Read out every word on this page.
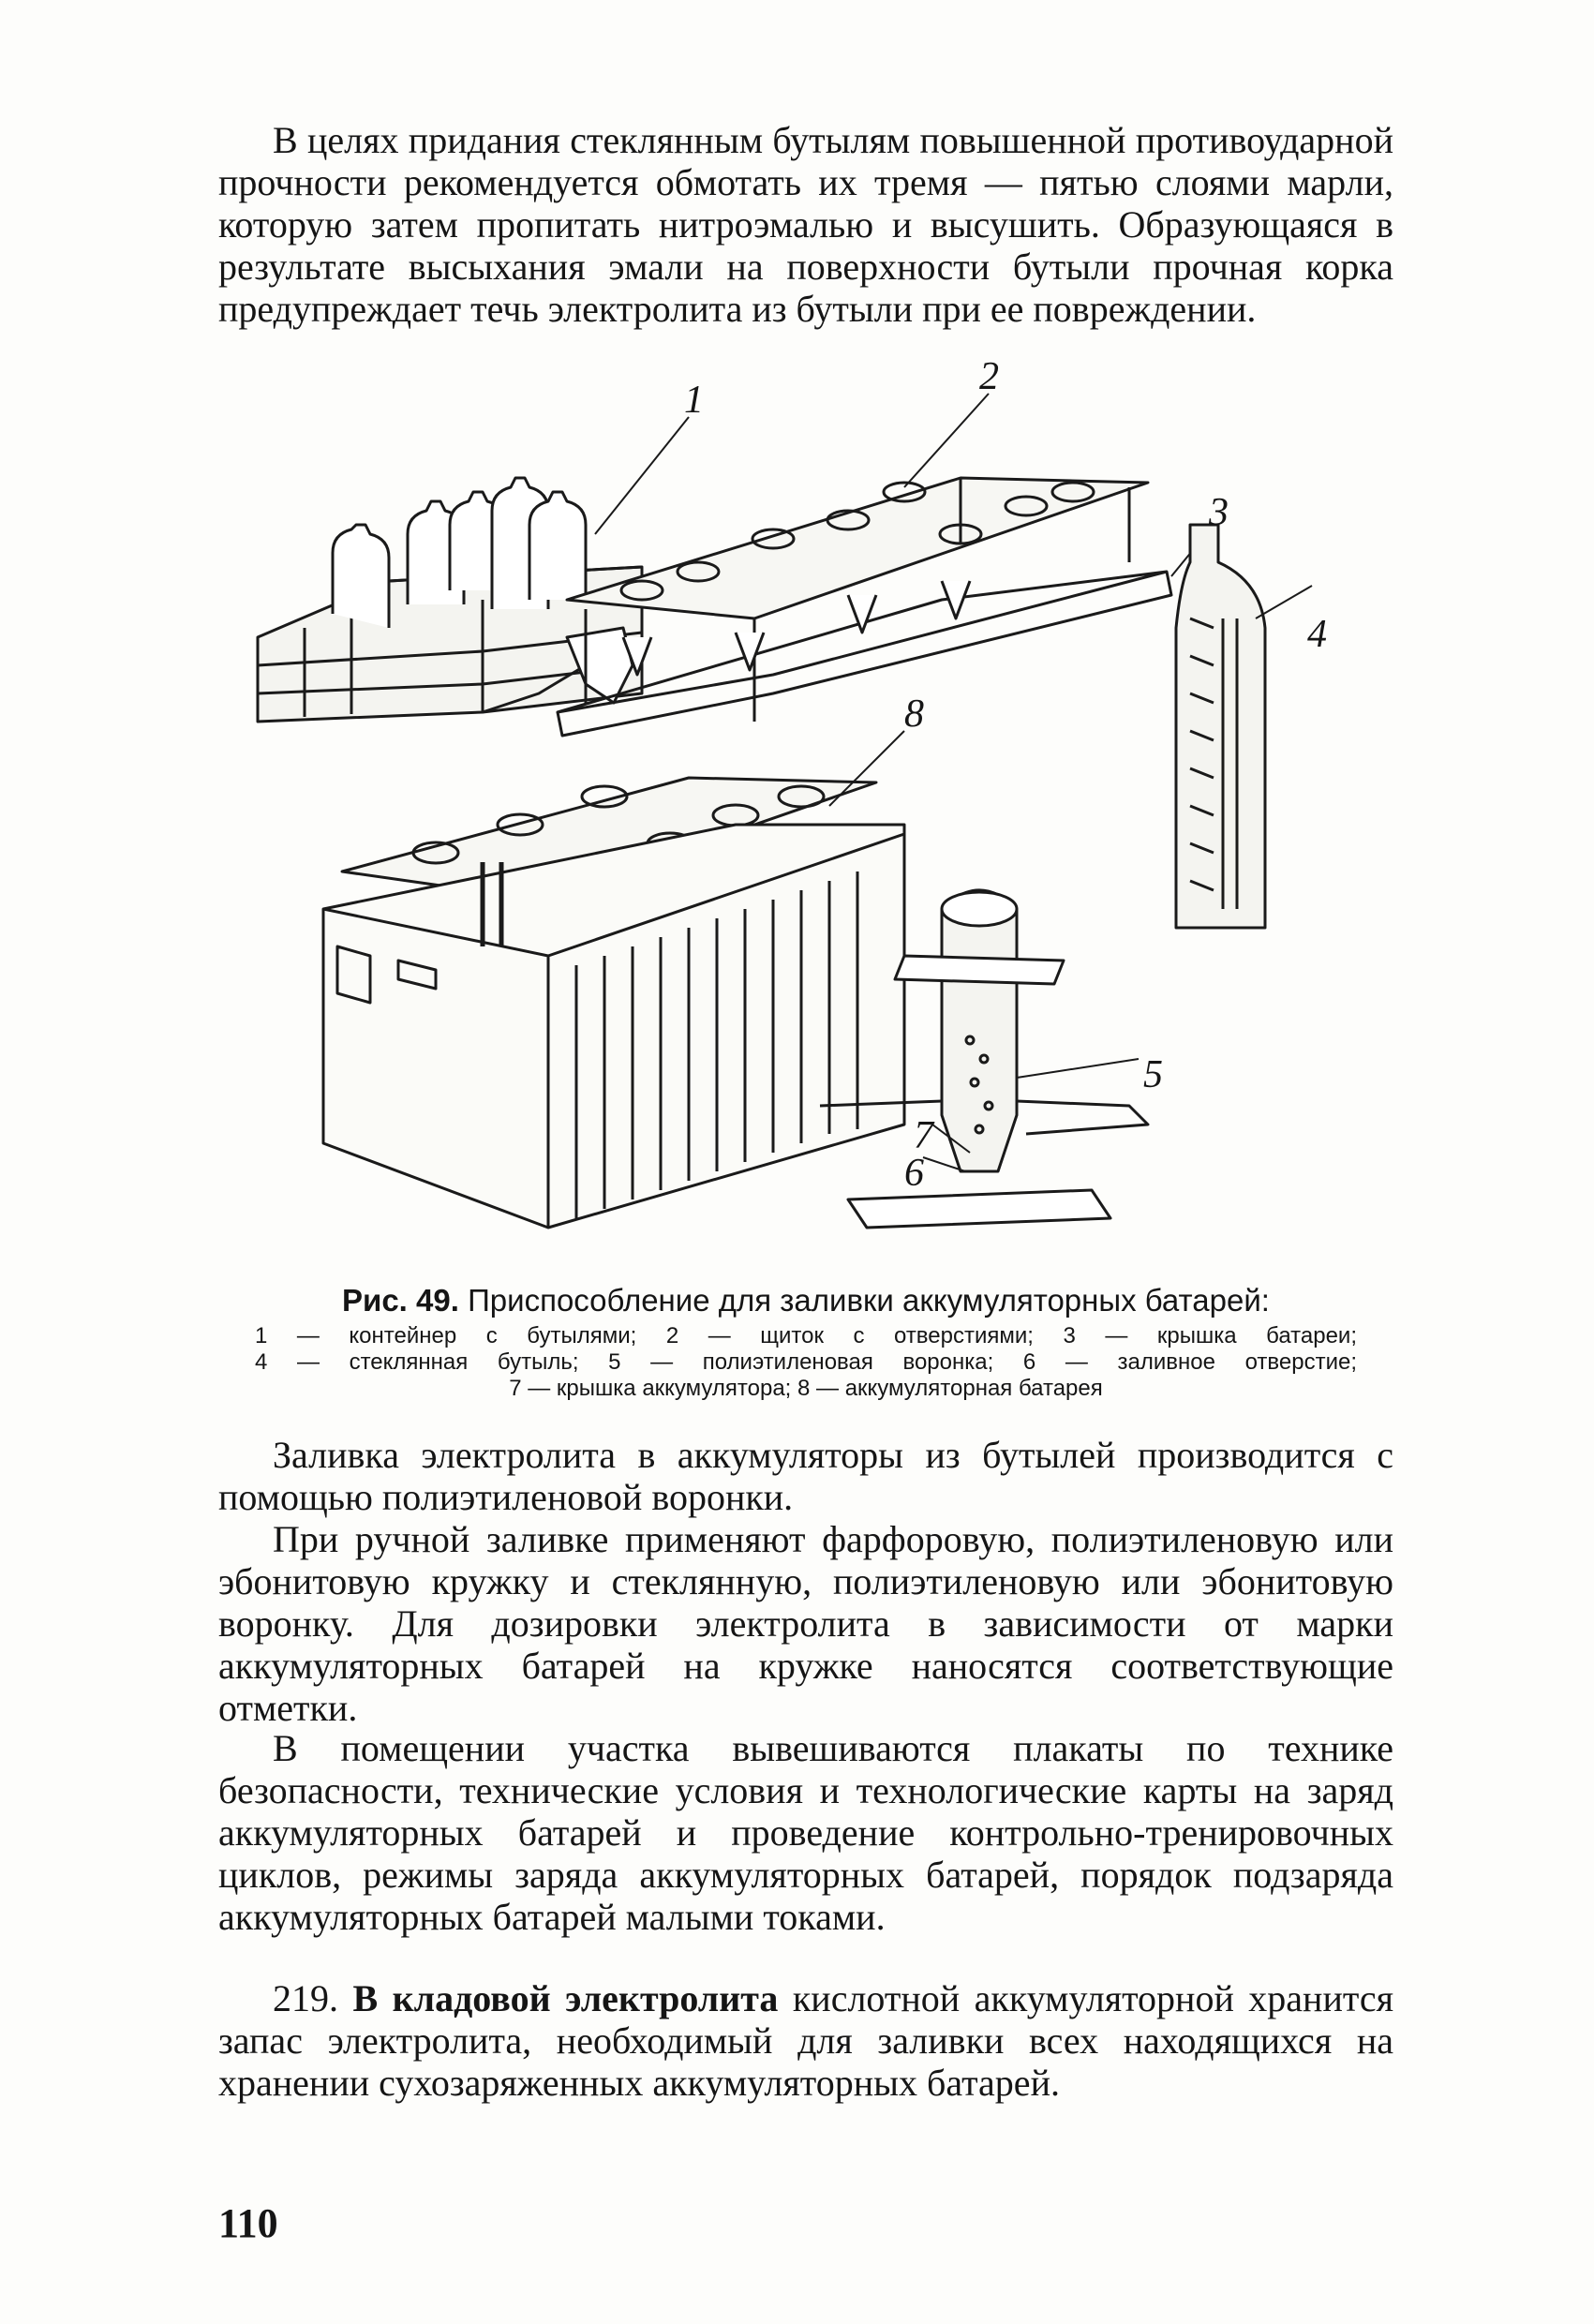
В целях придания стеклянным бутылям повышенной противоударной прочности рекомендуется обмотать их тремя — пятью слоями марли, которую затем пропитать нитроэмалью и высушить. Образующаяся в результате высыхания эмали на поверхности бутыли прочная корка предупреждает течь электролита из бутыли при ее повреждении.

1
2
3
4
5
6
7
8
Рис. 49. Приспособление для заливки аккумуляторных батарей:
1 — контейнер с бутылями; 2 — щиток с отверстиями; 3 — крышка батареи;
4 — стеклянная бутыль; 5 — полиэтиленовая воронка; 6 — заливное отверстие;
7 — крышка аккумулятора; 8 — аккумуляторная батарея

Заливка электролита в аккумуляторы из бутылей производится с помощью полиэтиленовой воронки.

При ручной заливке применяют фарфоровую, полиэтиленовую или эбонитовую кружку и стеклянную, полиэтиленовую или эбонитовую воронку. Для дозировки электролита в зависимости от марки аккумуляторных батарей на кружке наносятся соответствующие отметки.

В помещении участка вывешиваются плакаты по технике безопасности, технические условия и технологические карты на заряд аккумуляторных батарей и проведение контрольно-тренировочных циклов, режимы заряда аккумуляторных батарей, порядок подзаряда аккумуляторных батарей малыми токами.

219. В кладовой электролита кислотной аккумуляторной хранится запас электролита, необходимый для заливки всех находящихся на хранении сухозаряженных аккумуляторных батарей.

110
